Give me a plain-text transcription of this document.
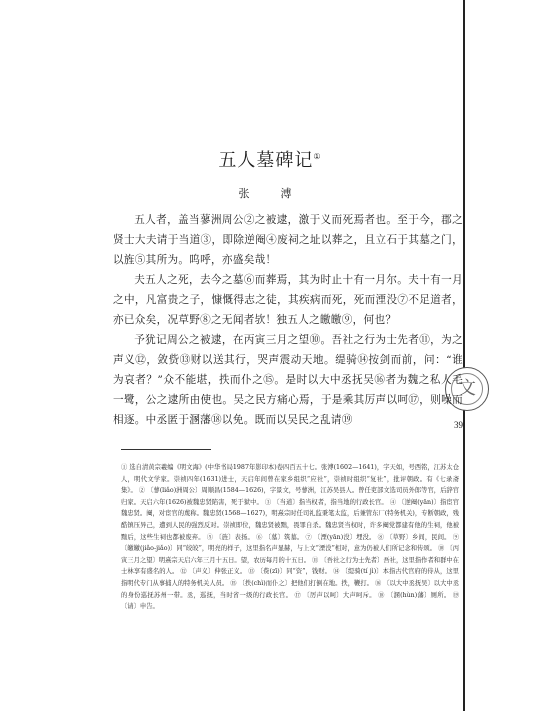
文
39
五人墓碑记①
张　溥

五人者，盖当蓼洲周公②之被逮，激于义而死焉者也。至于今，郡之贤士大夫请于当道③，即除逆阉④废祠之址以葬之，且立石于其墓之门，以旌⑤其所为。呜呼，亦盛矣哉！

夫五人之死，去今之墓⑥而葬焉，其为时止十有一月尔。夫十有一月之中，凡富贵之子，慷慨得志之徒，其疾病而死，死而湮没⑦不足道者，亦已众矣，况草野⑧之无闻者欤！独五人之皦皦⑨，何也？

予犹记周公之被逮，在丙寅三月之望⑩。吾社之行为士先者⑪，为之声义⑫，敛赀⑬财以送其行，哭声震动天地。缇骑⑭按剑而前，问：“谁为哀者？”众不能堪，抶而仆之⑮。是时以大中丞抚吴⑯者为魏之私人毛一鹭，公之逮所由使也。吴之民方痛心焉，于是乘其厉声以呵⑰，则噪而相逐。中丞匿于溷藩⑱以免。既而以吴民之乱请⑲

① 选自清黄宗羲编《明文海》(中华书局1987年影印本)卷四百五十七。张溥(1602—1641)，字天如，号西铭，江苏太仓人，明代文学家。崇祯四年(1631)进士，天启年间曾在家乡组织“应社”，崇祯时组织“复社”，批评朝政。有《七录斋集》。 ② 〔蓼(liǎo)洲周公〕周顺昌(1584—1626)，字景文，号蓼洲，江苏吴县人。曾任吏部文选司员外郎等官，后辞官归家。天启六年(1626)被魏忠贤陷害，死于狱中。 ③ 〔当道〕指当权者，指当地的行政长官。 ④ 〔逆阉(yān)〕指宦官魏忠贤。阉，对宦官的蔑称。魏忠贤(1568—1627)，明熹宗时任司礼监秉笔太监，后兼管东厂(特务机关)，专断朝政，残酷镇压异己，遭到人民的强烈反对。崇祯即位，魏忠贤被黜，畏罪自杀。魏忠贤当权时，许多阉党都建有他的生祠，他被黜后，这些生祠也都被废弃。 ⑤ 〔旌〕表扬。 ⑥ 〔墓〕筑墓。 ⑦ 〔湮(yān)没〕埋没。 ⑧ 〔草野〕乡间，民间。 ⑨ 〔皦皦(jiǎo-jiǎo)〕同“皎皎”，明亮的样子，这里指名声显赫，与上文“湮没”相对，意为仍被人们所记念和传颂。 ⑩ 〔丙寅三月之望〕明熹宗天启六年三月十五日。望，农历每月的十五日。 ⑪ 〔吾社之行为士先者〕吾社，这里指作者和群中在士林享有盛名的人。 ⑫ 〔声义〕伸张正义。 ⑬ 〔赀(zī)〕同“资”，钱财。 ⑭ 〔缇骑(tí jì)〕本指古代官府的侍从，这里指明代专门从事捕人的特务机关人员。 ⑮ 〔抶(chì)而仆之〕把他们打倒在地。抶，鞭打。 ⑯ 〔以大中丞抚吴〕以大中丞的身份巡抚苏州一带。丞，巡抚，当时省一级的行政长官。 ⑰ 〔厉声以呵〕大声呵斥。 ⑱ 〔溷(hùn)藩〕厕所。 ⑲ 〔请〕申告。
